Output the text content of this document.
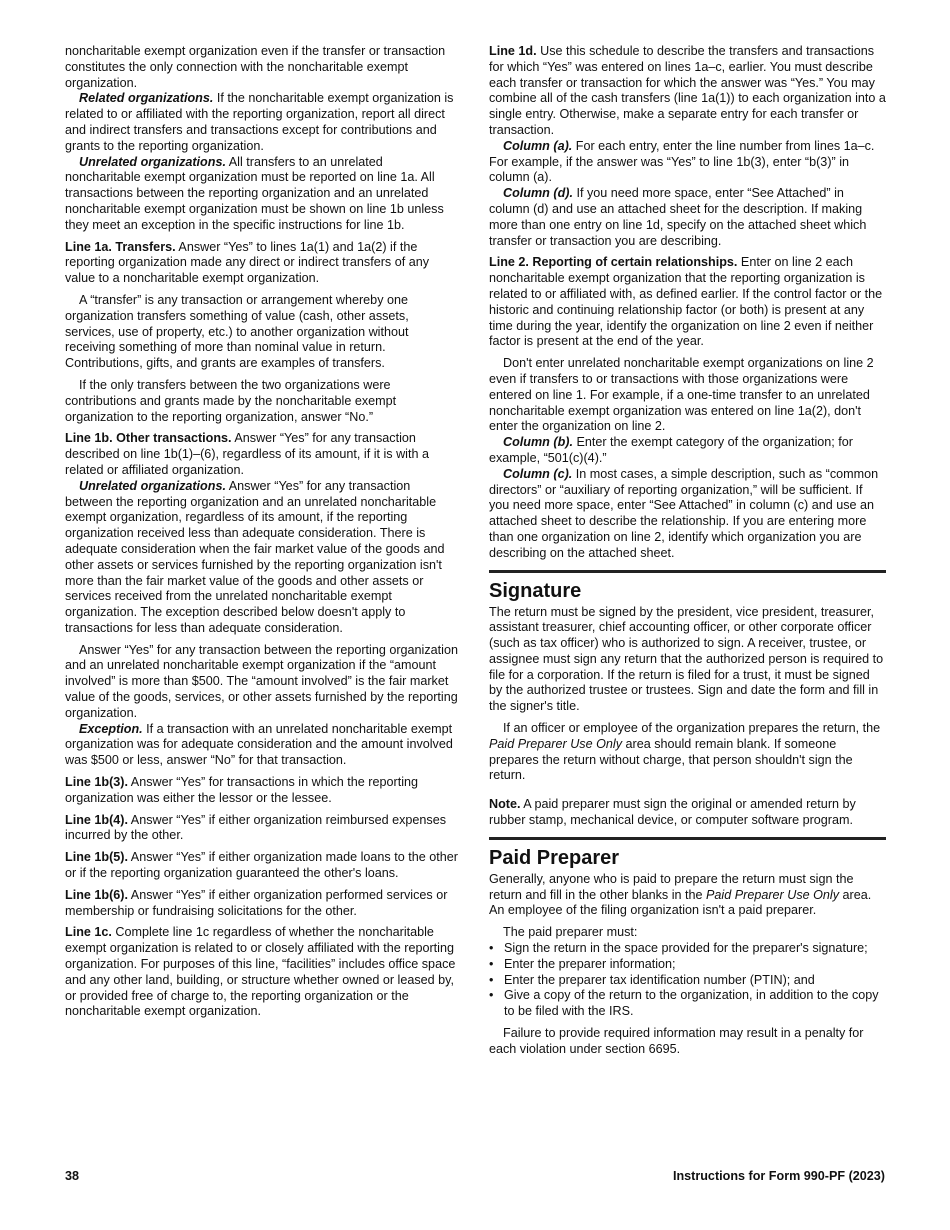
noncharitable exempt organization even if the transfer or transaction constitutes the only connection with the noncharitable exempt organization.

Related organizations. If the noncharitable exempt organization is related to or affiliated with the reporting organization, report all direct and indirect transfers and transactions except for contributions and grants to the reporting organization.

Unrelated organizations. All transfers to an unrelated noncharitable exempt organization must be reported on line 1a. All transactions between the reporting organization and an unrelated noncharitable exempt organization must be shown on line 1b unless they meet an exception in the specific instructions for line 1b.

Line 1a. Transfers. Answer “Yes” to lines 1a(1) and 1a(2) if the reporting organization made any direct or indirect transfers of any value to a noncharitable exempt organization.

A “transfer” is any transaction or arrangement whereby one organization transfers something of value (cash, other assets, services, use of property, etc.) to another organization without receiving something of more than nominal value in return. Contributions, gifts, and grants are examples of transfers.

If the only transfers between the two organizations were contributions and grants made by the noncharitable exempt organization to the reporting organization, answer “No.”

Line 1b. Other transactions. Answer “Yes” for any transaction described on line 1b(1)–(6), regardless of its amount, if it is with a related or affiliated organization.

Unrelated organizations. Answer “Yes” for any transaction between the reporting organization and an unrelated noncharitable exempt organization, regardless of its amount, if the reporting organization received less than adequate consideration. There is adequate consideration when the fair market value of the goods and other assets or services furnished by the reporting organization isn't more than the fair market value of the goods and other assets or services received from the unrelated noncharitable exempt organization. The exception described below doesn't apply to transactions for less than adequate consideration.

Answer “Yes” for any transaction between the reporting organization and an unrelated noncharitable exempt organization if the “amount involved” is more than $500. The “amount involved” is the fair market value of the goods, services, or other assets furnished by the reporting organization.

Exception. If a transaction with an unrelated noncharitable exempt organization was for adequate consideration and the amount involved was $500 or less, answer “No” for that transaction.

Line 1b(3). Answer “Yes” for transactions in which the reporting organization was either the lessor or the lessee.

Line 1b(4). Answer “Yes” if either organization reimbursed expenses incurred by the other.

Line 1b(5). Answer “Yes” if either organization made loans to the other or if the reporting organization guaranteed the other's loans.

Line 1b(6). Answer “Yes” if either organization performed services or membership or fundraising solicitations for the other.

Line 1c. Complete line 1c regardless of whether the noncharitable exempt organization is related to or closely affiliated with the reporting organization. For purposes of this line, “facilities” includes office space and any other land, building, or structure whether owned or leased by, or provided free of charge to, the reporting organization or the noncharitable exempt organization.

Line 1d. Use this schedule to describe the transfers and transactions for which “Yes” was entered on lines 1a–c, earlier. You must describe each transfer or transaction for which the answer was “Yes.” You may combine all of the cash transfers (line 1a(1)) to each organization into a single entry. Otherwise, make a separate entry for each transfer or transaction.

Column (a). For each entry, enter the line number from lines 1a–c. For example, if the answer was “Yes” to line 1b(3), enter “b(3)” in column (a).

Column (d). If you need more space, enter “See Attached” in column (d) and use an attached sheet for the description. If making more than one entry on line 1d, specify on the attached sheet which transfer or transaction you are describing.

Line 2. Reporting of certain relationships. Enter on line 2 each noncharitable exempt organization that the reporting organization is related to or affiliated with, as defined earlier. If the control factor or the historic and continuing relationship factor (or both) is present at any time during the year, identify the organization on line 2 even if neither factor is present at the end of the year.

Don't enter unrelated noncharitable exempt organizations on line 2 even if transfers to or transactions with those organizations were entered on line 1. For example, if a one-time transfer to an unrelated noncharitable exempt organization was entered on line 1a(2), don't enter the organization on line 2.

Column (b). Enter the exempt category of the organization; for example, “501(c)(4).”

Column (c). In most cases, a simple description, such as “common directors” or “auxiliary of reporting organization,” will be sufficient. If you need more space, enter “See Attached” in column (c) and use an attached sheet to describe the relationship. If you are entering more than one organization on line 2, identify which organization you are describing on the attached sheet.

Signature

The return must be signed by the president, vice president, treasurer, assistant treasurer, chief accounting officer, or other corporate officer (such as tax officer) who is authorized to sign. A receiver, trustee, or assignee must sign any return that the authorized person is required to file for a corporation. If the return is filed for a trust, it must be signed by the authorized trustee or trustees. Sign and date the form and fill in the signer's title.

If an officer or employee of the organization prepares the return, the Paid Preparer Use Only area should remain blank. If someone prepares the return without charge, that person shouldn't sign the return.

Note. A paid preparer must sign the original or amended return by rubber stamp, mechanical device, or computer software program.

Paid Preparer

Generally, anyone who is paid to prepare the return must sign the return and fill in the other blanks in the Paid Preparer Use Only area. An employee of the filing organization isn't a paid preparer.

The paid preparer must:

• Sign the return in the space provided for the preparer's signature;
• Enter the preparer information;
• Enter the preparer tax identification number (PTIN); and
• Give a copy of the return to the organization, in addition to the copy to be filed with the IRS.

Failure to provide required information may result in a penalty for each violation under section 6695.

38	Instructions for Form 990-PF (2023)
